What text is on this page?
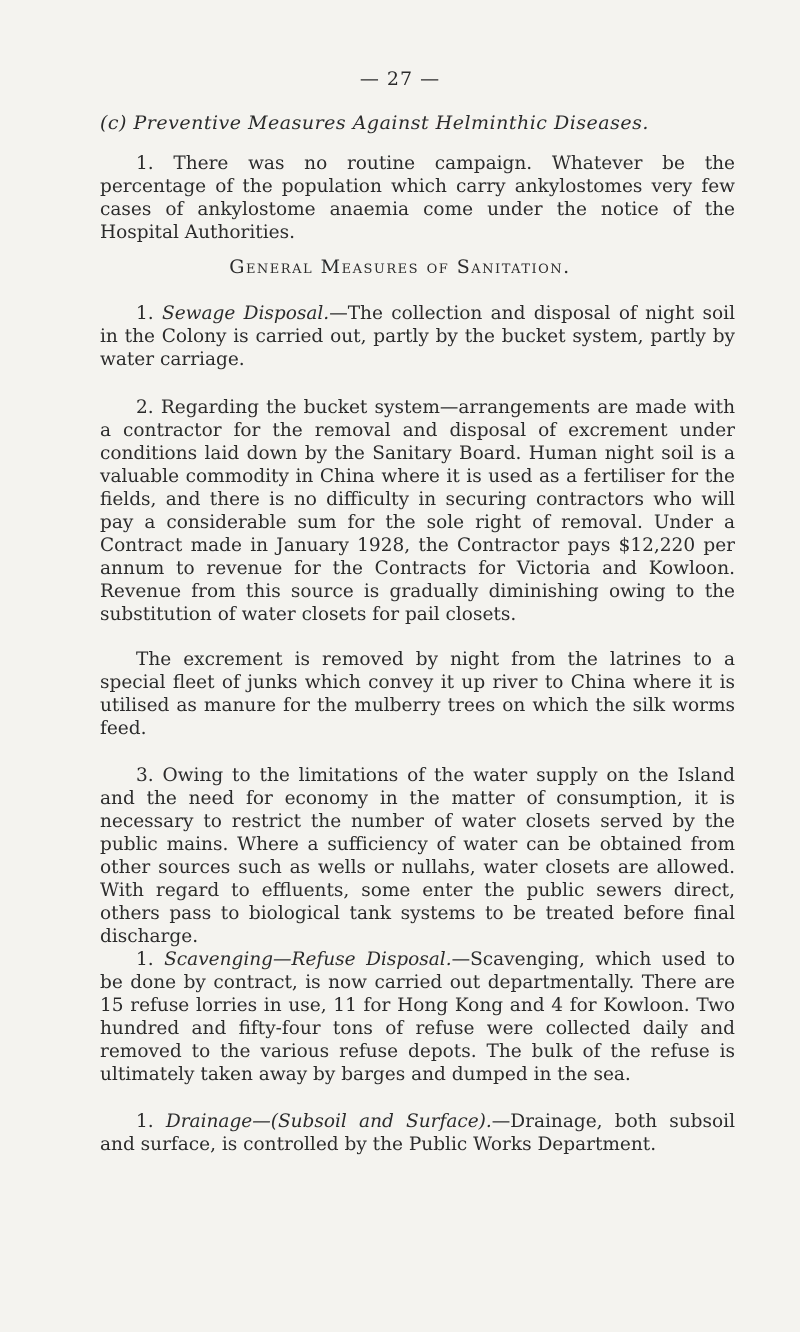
— 27 —
(c) Preventive Measures Against Helminthic Diseases.

1. There was no routine campaign. Whatever be the percentage of the population which carry ankylostomes very few cases of ankylostome anaemia come under the notice of the Hospital Authorities.

General Measures of Sanitation.

1. Sewage Disposal.—The collection and disposal of night soil in the Colony is carried out, partly by the bucket system, partly by water carriage.

2. Regarding the bucket system—arrangements are made with a contractor for the removal and disposal of excrement under conditions laid down by the Sanitary Board. Human night soil is a valuable commodity in China where it is used as a fertiliser for the fields, and there is no difficulty in securing contractors who will pay a considerable sum for the sole right of removal. Under a Contract made in January 1928, the Contractor pays $12,220 per annum to revenue for the Contracts for Victoria and Kowloon. Revenue from this source is gradually diminishing owing to the substitution of water closets for pail closets.

The excrement is removed by night from the latrines to a special fleet of junks which convey it up river to China where it is utilised as manure for the mulberry trees on which the silk worms feed.

3. Owing to the limitations of the water supply on the Island and the need for economy in the matter of consumption, it is necessary to restrict the number of water closets served by the public mains. Where a sufficiency of water can be obtained from other sources such as wells or nullahs, water closets are allowed. With regard to effluents, some enter the public sewers direct, others pass to biological tank systems to be treated before final discharge.

1. Scavenging—Refuse Disposal.—Scavenging, which used to be done by contract, is now carried out departmentally. There are 15 refuse lorries in use, 11 for Hong Kong and 4 for Kowloon. Two hundred and fifty-four tons of refuse were collected daily and removed to the various refuse depots. The bulk of the refuse is ultimately taken away by barges and dumped in the sea.

1. Drainage—(Subsoil and Surface).—Drainage, both subsoil and surface, is controlled by the Public Works Department.
